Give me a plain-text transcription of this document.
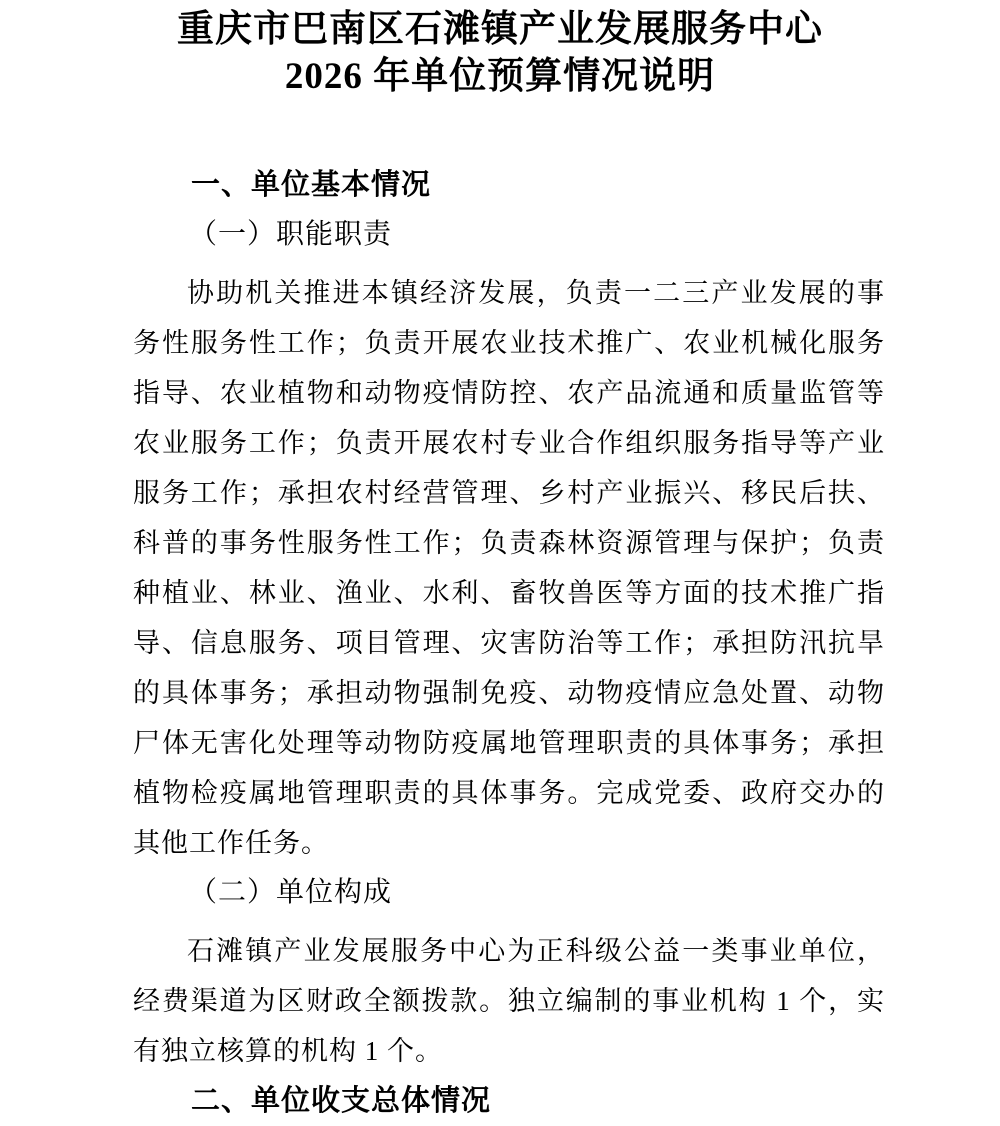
重庆市巴南区石滩镇产业发展服务中心
2026 年单位预算情况说明
一、单位基本情况
（一）职能职责

协助机关推进本镇经济发展，负责一二三产业发展的事务性服务性工作；负责开展农业技术推广、农业机械化服务指导、农业植物和动物疫情防控、农产品流通和质量监管等农业服务工作；负责开展农村专业合作组织服务指导等产业服务工作；承担农村经营管理、乡村产业振兴、移民后扶、科普的事务性服务性工作；负责森林资源管理与保护；负责种植业、林业、渔业、水利、畜牧兽医等方面的技术推广指导、信息服务、项目管理、灾害防治等工作；承担防汛抗旱的具体事务；承担动物强制免疫、动物疫情应急处置、动物尸体无害化处理等动物防疫属地管理职责的具体事务；承担植物检疫属地管理职责的具体事务。完成党委、政府交办的其他工作任务。

（二）单位构成

石滩镇产业发展服务中心为正科级公益一类事业单位，经费渠道为区财政全额拨款。独立编制的事业机构 1 个，实有独立核算的机构 1 个。

二、单位收支总体情况
